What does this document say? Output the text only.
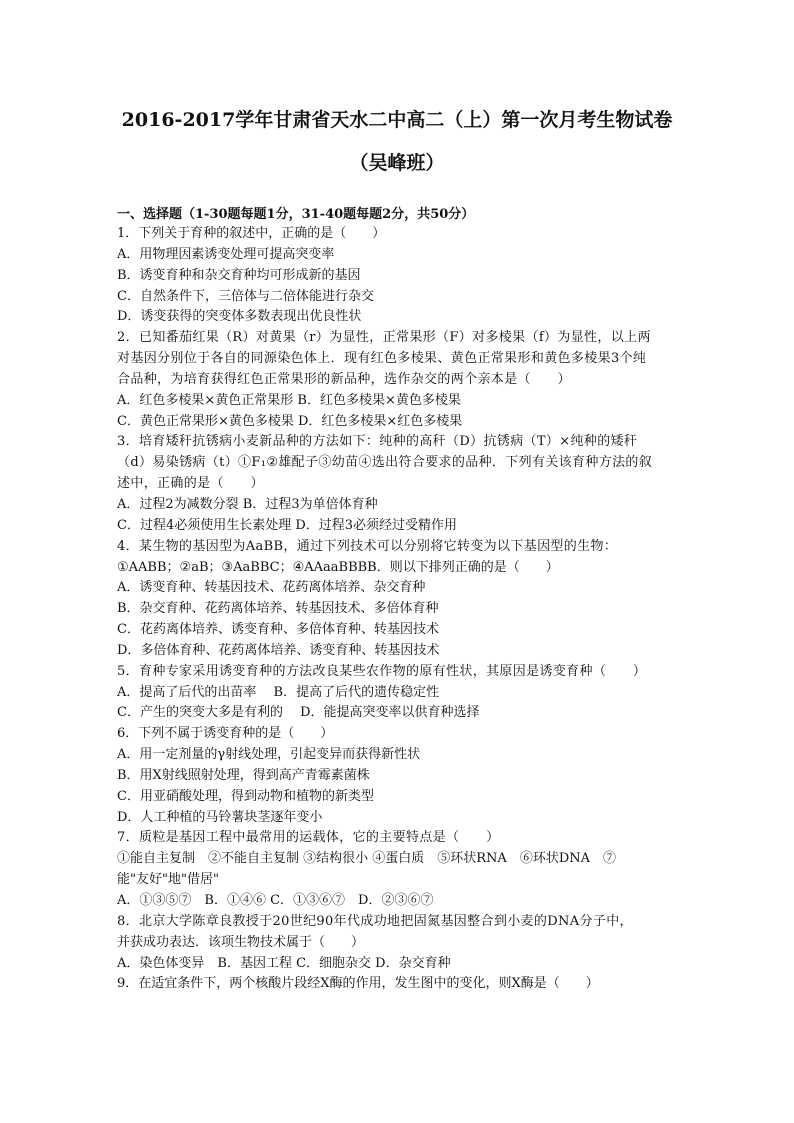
2016-2017学年甘肃省天水二中高二（上）第一次月考生物试卷
（吴峰班）
一、选择题（1-30题每题1分，31-40题每题2分，共50分）
1．下列关于育种的叙述中，正确的是（　　）
A．用物理因素诱变处理可提高突变率
B．诱变育种和杂交育种均可形成新的基因
C．自然条件下，三倍体与二倍体能进行杂交
D．诱变获得的突变体多数表现出优良性状
2．已知番茄红果（R）对黄果（r）为显性，正常果形（F）对多棱果（f）为显性，以上两
对基因分别位于各自的同源染色体上．现有红色多棱果、黄色正常果形和黄色多棱果3个纯
合品种，为培育获得红色正常果形的新品种，选作杂交的两个亲本是（　　）
A．红色多棱果×黄色正常果形 B．红色多棱果×黄色多棱果
C．黄色正常果形×黄色多棱果 D．红色多棱果×红色多棱果
3．培育矮秆抗锈病小麦新品种的方法如下：纯种的高秆（D）抗锈病（T）×纯种的矮秆
（d）易染锈病（t）①F₁②雄配子③幼苗④选出符合要求的品种．下列有关该育种方法的叙
述中，正确的是（　　）
A．过程2为减数分裂 B．过程3为单倍体育种
C．过程4必须使用生长素处理 D．过程3必须经过受精作用
4．某生物的基因型为AaBB，通过下列技术可以分别将它转变为以下基因型的生物：
①AABB；②aB；③AaBBC；④AAaaBBBB．则以下排列正确的是（　　）
A．诱变育种、转基因技术、花药离体培养、杂交育种
B．杂交育种、花药离体培养、转基因技术、多倍体育种
C．花药离体培养、诱变育种、多倍体育种、转基因技术
D．多倍体育种、花药离体培养、诱变育种、转基因技术
5．育种专家采用诱变育种的方法改良某些农作物的原有性状，其原因是诱变育种（　　）
A．提高了后代的出苗率　 B．提高了后代的遗传稳定性
C．产生的突变大多是有利的　 D．能提高突变率以供育种选择
6．下列不属于诱变育种的是（　　）
A．用一定剂量的γ射线处理，引起变异而获得新性状
B．用X射线照射处理，得到高产青霉素菌株
C．用亚硝酸处理，得到动物和植物的新类型
D．人工种植的马铃薯块茎逐年变小
7．质粒是基因工程中最常用的运载体，它的主要特点是（　　）
①能自主复制　②不能自主复制 ③结构很小 ④蛋白质　⑤环状RNA　⑥环状DNA　⑦
能"友好"地"借居"
A．①③⑤⑦　B．①④⑥ C．①③⑥⑦　D．②③⑥⑦
8．北京大学陈章良教授于20世纪90年代成功地把固氮基因整合到小麦的DNA分子中，
并获成功表达．该项生物技术属于（　　）
A．染色体变异　B．基因工程 C．细胞杂交 D．杂交育种
9．在适宜条件下，两个核酸片段经X酶的作用，发生图中的变化，则X酶是（　　）
